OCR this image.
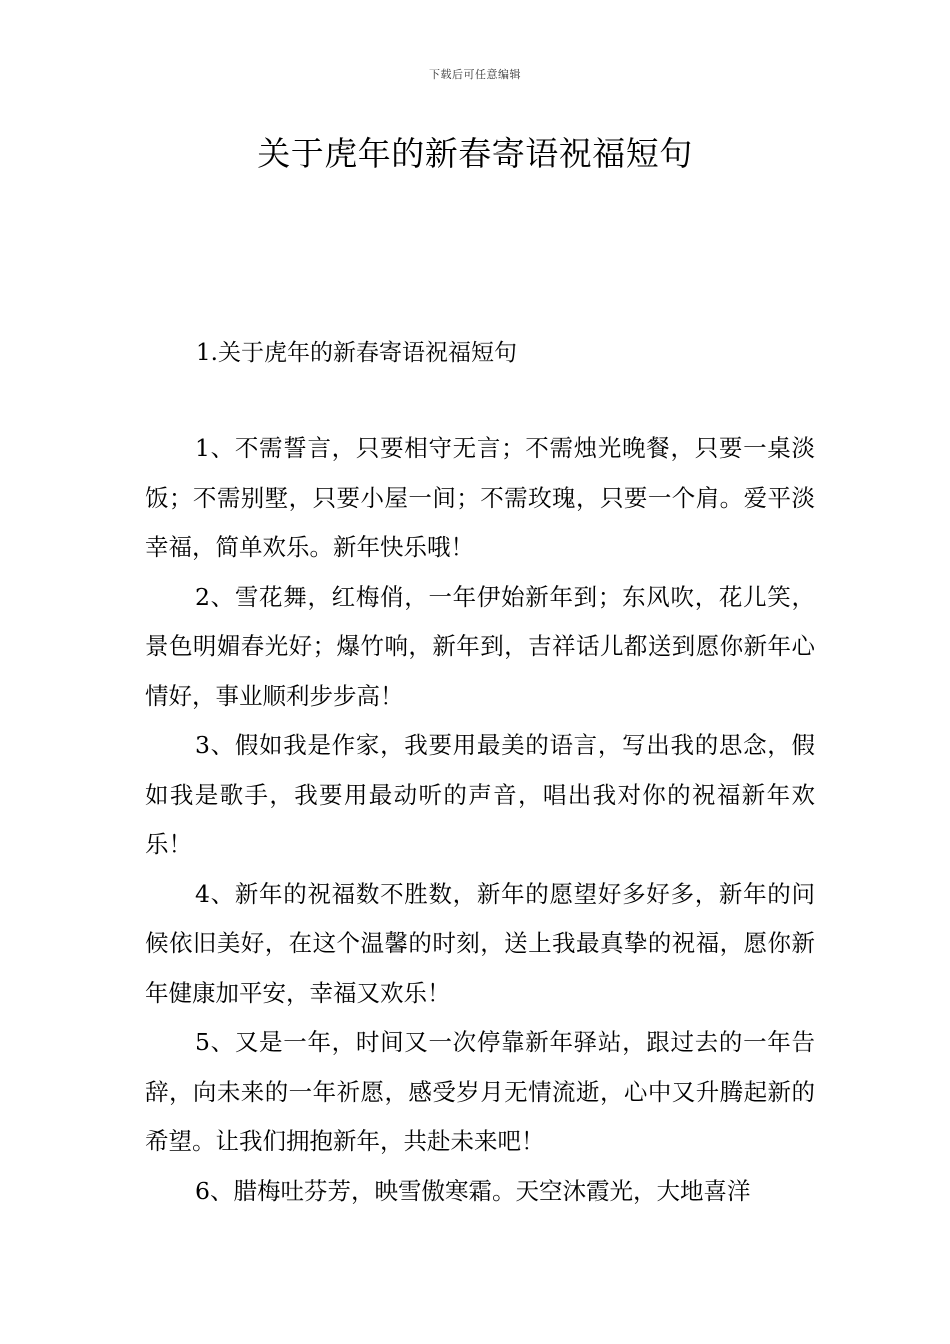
下载后可任意编辑
关于虎年的新春寄语祝福短句

1.关于虎年的新春寄语祝福短句

1、不需誓言，只要相守无言；不需烛光晚餐，只要一桌淡饭；不需别墅，只要小屋一间；不需玫瑰，只要一个肩。爱平淡幸福，简单欢乐。新年快乐哦！

2、雪花舞，红梅俏，一年伊始新年到；东风吹，花儿笑，景色明媚春光好；爆竹响，新年到，吉祥话儿都送到愿你新年心情好，事业顺利步步高！

3、假如我是作家，我要用最美的语言，写出我的思念，假如我是歌手，我要用最动听的声音，唱出我对你的祝福新年欢乐！

4、新年的祝福数不胜数，新年的愿望好多好多，新年的问候依旧美好，在这个温馨的时刻，送上我最真挚的祝福，愿你新年健康加平安，幸福又欢乐！

5、又是一年，时间又一次停靠新年驿站，跟过去的一年告辞，向未来的一年祈愿，感受岁月无情流逝，心中又升腾起新的希望。让我们拥抱新年，共赴未来吧！

6、腊梅吐芬芳，映雪傲寒霜。天空沐霞光，大地喜洋
